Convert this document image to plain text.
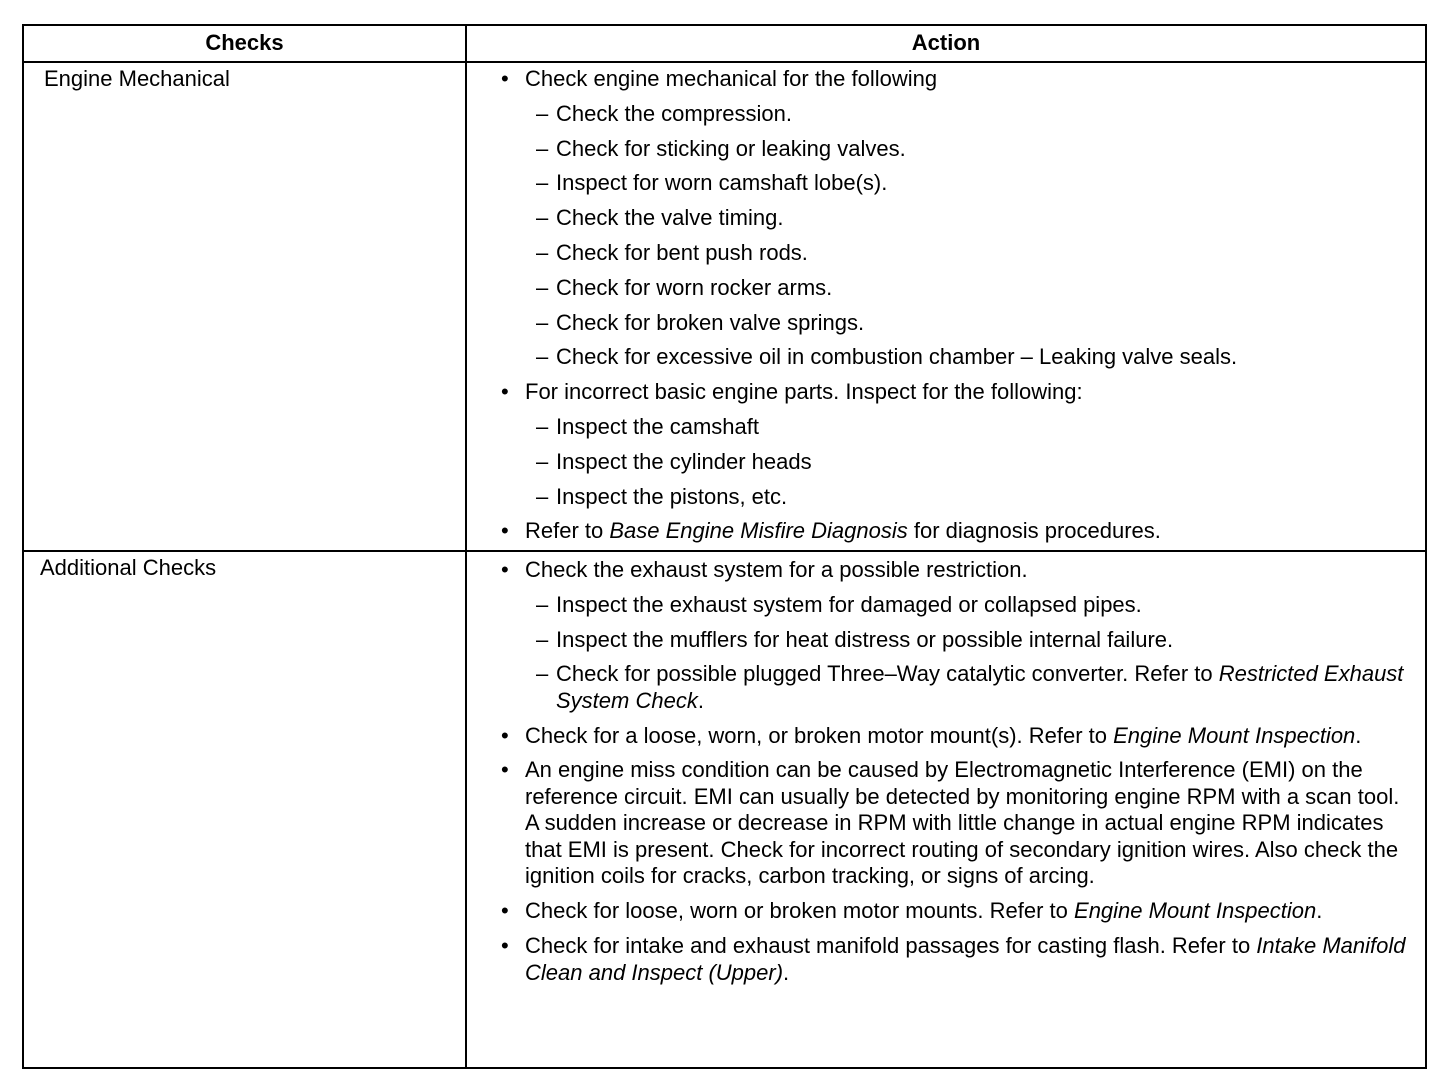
Checks	Action
Engine Mechanical
Additional Checks
• Check engine mechanical for the following
– Check the compression.
– Check for sticking or leaking valves.
– Inspect for worn camshaft lobe(s).
– Check the valve timing.
– Check for bent push rods.
– Check for worn rocker arms.
– Check for broken valve springs.
– Check for excessive oil in combustion chamber – Leaking valve seals.
• For incorrect basic engine parts. Inspect for the following:
– Inspect the camshaft
– Inspect the cylinder heads
– Inspect the pistons, etc.
• Refer to Base Engine Misfire Diagnosis for diagnosis procedures.
• Check the exhaust system for a possible restriction.
– Inspect the exhaust system for damaged or collapsed pipes.
– Inspect the mufflers for heat distress or possible internal failure.
– Check for possible plugged Three–Way catalytic converter. Refer to Restricted Exhaust System Check.
• Check for a loose, worn, or broken motor mount(s). Refer to Engine Mount Inspection.
• An engine miss condition can be caused by Electromagnetic Interference (EMI) on the reference circuit. EMI can usually be detected by monitoring engine RPM with a scan tool. A sudden increase or decrease in RPM with little change in actual engine RPM indicates that EMI is present. Check for incorrect routing of secondary ignition wires. Also check the ignition coils for cracks, carbon tracking, or signs of arcing.
• Check for loose, worn or broken motor mounts. Refer to Engine Mount Inspection.
• Check for intake and exhaust manifold passages for casting flash. Refer to Intake Manifold Clean and Inspect (Upper).
